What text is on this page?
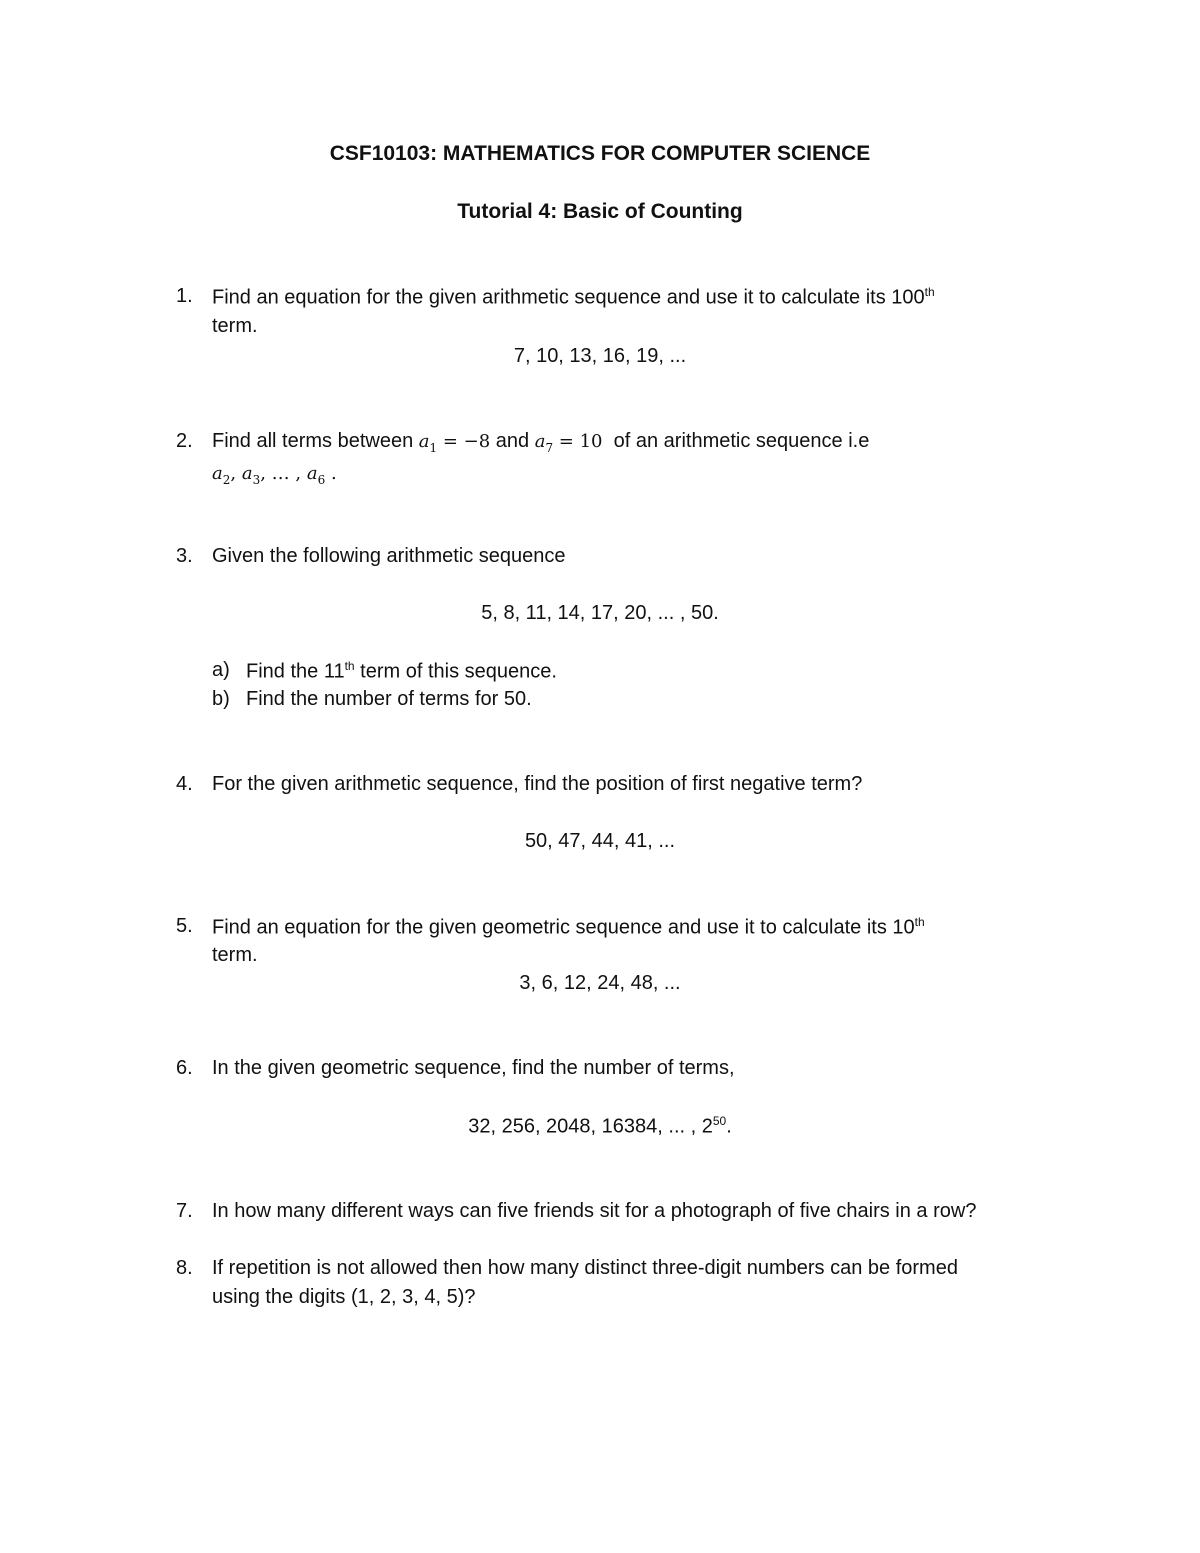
CSF10103: MATHEMATICS FOR COMPUTER SCIENCE
Tutorial 4: Basic of Counting
1. Find an equation for the given arithmetic sequence and use it to calculate its 100th
term.
7, 10, 13, 16, 19, ...
2. Find all terms between $a_1 = -8$ and $a_7 = 10$ of an arithmetic sequence i.e
$a_2$, $a_3$, … , $a_6$ .
3. Given the following arithmetic sequence
5, 8, 11, 14, 17, 20, ... , 50.
a) Find the 11th term of this sequence.
b) Find the number of terms for 50.
4. For the given arithmetic sequence, find the position of first negative term?
50, 47, 44, 41, ...
5. Find an equation for the given geometric sequence and use it to calculate its 10th
term.
3, 6, 12, 24, 48, ...
6. In the given geometric sequence, find the number of terms,
32, 256, 2048, 16384, ... , $2^{50}$.
7. In how many different ways can five friends sit for a photograph of five chairs in a row?
8. If repetition is not allowed then how many distinct three-digit numbers can be formed
using the digits (1, 2, 3, 4, 5)?
